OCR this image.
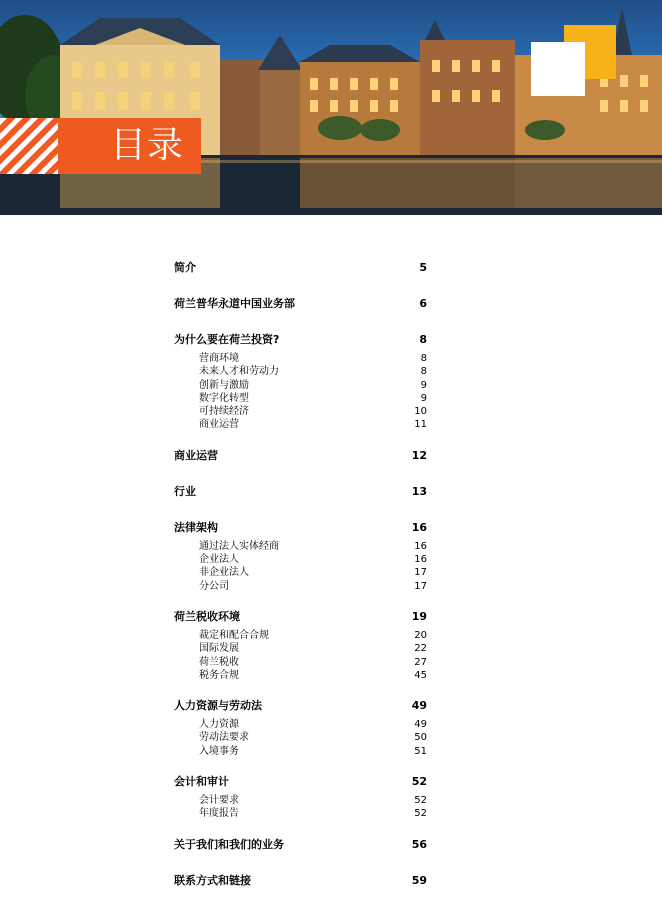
目录
简介	5
荷兰普华永道中国业务部	6
为什么要在荷兰投资?	8
营商环境	8
未来人才和劳动力	8
创新与激励	9
数字化转型	9
可持续经济	10
商业运营	11
商业运营	12
行业	13
法律架构	16
通过法人实体经商	16
企业法人	16
非企业法人	17
分公司	17
荷兰税收环境	19
裁定和配合合规	20
国际发展	22
荷兰税收	27
税务合规	45
人力资源与劳动法	49
人力资源	49
劳动法要求	50
入境事务	51
会计和审计	52
会计要求	52
年度报告	52
关于我们和我们的业务	56
联系方式和链接	59
